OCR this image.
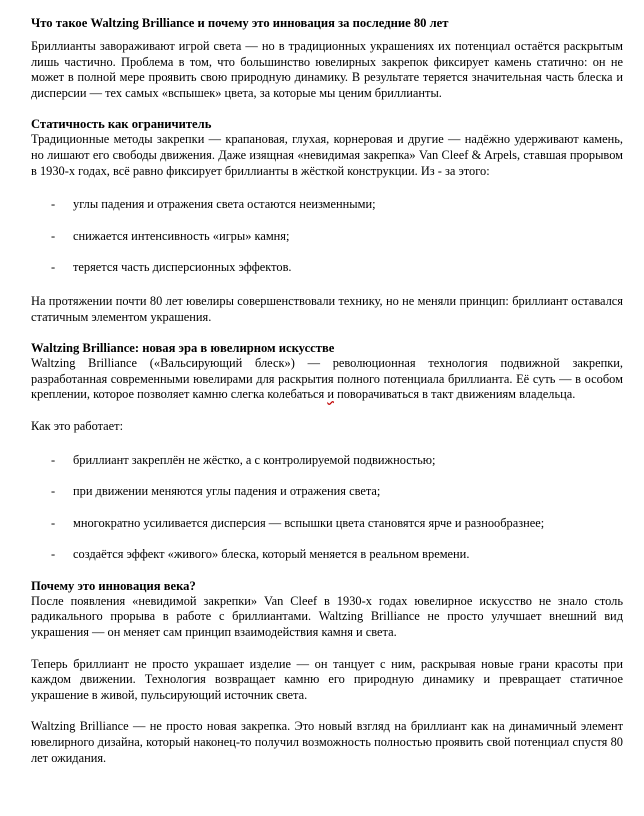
Что такое Waltzing Brilliance и почему это инновация за последние 80 лет

Бриллианты завораживают игрой света — но в традиционных украшениях их потенциал остаётся раскрытым лишь частично. Проблема в том, что большинство ювелирных закрепок фиксирует камень статично: он не может в полной мере проявить свою природную динамику. В результате теряется значительная часть блеска и дисперсии — тех самых «вспышек» цвета, за которые мы ценим бриллианты.

Статичность как ограничитель

Традиционные методы закрепки — крапановая, глухая, корнеровая и другие — надёжно удерживают камень, но лишают его свободы движения. Даже изящная «невидимая закрепка» Van Cleef & Arpels, ставшая прорывом в 1930-х годах, всё равно фиксирует бриллианты в жёсткой конструкции. Из - за этого:

- углы падения и отражения света остаются неизменными;
- снижается интенсивность «игры» камня;
- теряется часть дисперсионных эффектов.

На протяжении почти 80 лет ювелиры совершенствовали технику, но не меняли принцип: бриллиант оставался статичным элементом украшения.

Waltzing Brilliance: новая эра в ювелирном искусстве

Waltzing Brilliance («Вальсирующий блеск») — революционная технология подвижной закрепки, разработанная современными ювелирами для раскрытия полного потенциала бриллианта. Её суть — в особом креплении, которое позволяет камню слегка колебаться и поворачиваться в такт движениям владельца.

Как это работает:

- бриллиант закреплён не жёстко, а с контролируемой подвижностью;
- при движении меняются углы падения и отражения света;
- многократно усиливается дисперсия — вспышки цвета становятся ярче и разнообразнее;
- создаётся эффект «живого» блеска, который меняется в реальном времени.
Почему это инновация века?

После появления «невидимой закрепки» Van Cleef в 1930-х годах ювелирное искусство не знало столь радикального прорыва в работе с бриллиантами. Waltzing Brilliance не просто улучшает внешний вид украшения — он меняет сам принцип взаимодействия камня и света.

Теперь бриллиант не просто украшает изделие — он танцует с ним, раскрывая новые грани красоты при каждом движении. Технология возвращает камню его природную динамику и превращает статичное украшение в живой, пульсирующий источник света.

Waltzing Brilliance — не просто новая закрепка. Это новый взгляд на бриллиант как на динамичный элемент ювелирного дизайна, который наконец-то получил возможность полностью проявить свой потенциал спустя 80 лет ожидания.
